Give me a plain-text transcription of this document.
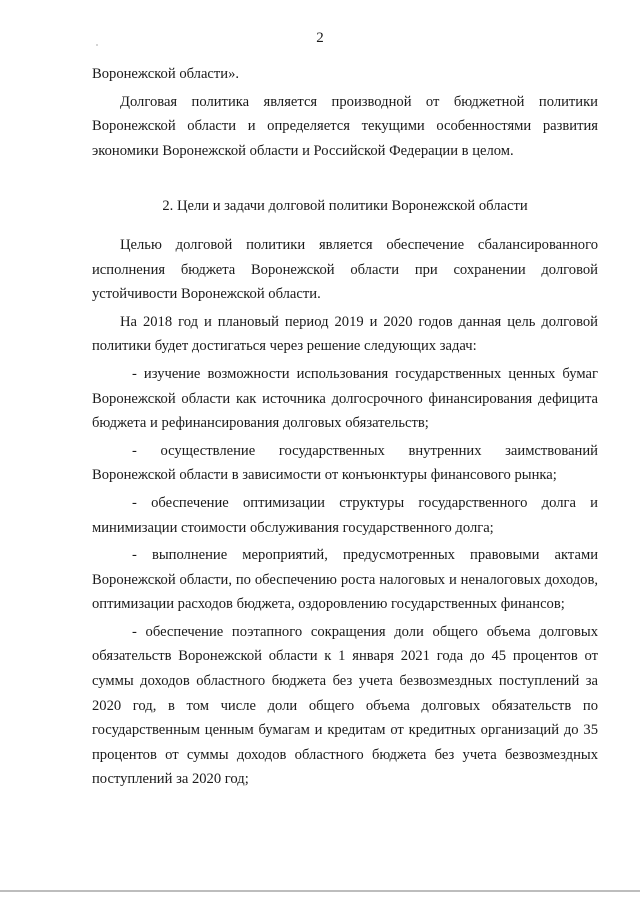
2

Воронежской области».

Долговая политика является производной от бюджетной политики Воронежской области и определяется текущими особенностями развития экономики Воронежской области и Российской Федерации в целом.

2. Цели и задачи долговой политики Воронежской области

Целью долговой политики является обеспечение сбалансированного исполнения бюджета Воронежской области при сохранении долговой устойчивости Воронежской области.

На 2018 год и плановый период 2019 и 2020 годов данная цель долговой политики будет достигаться через решение следующих задач:

- изучение возможности использования государственных ценных бумаг Воронежской области как источника долгосрочного финансирования дефицита бюджета и рефинансирования долговых обязательств;

- осуществление государственных внутренних заимствований Воронежской области в зависимости от конъюнктуры финансового рынка;

- обеспечение оптимизации структуры государственного долга и минимизации стоимости обслуживания государственного долга;

- выполнение мероприятий, предусмотренных правовыми актами Воронежской области, по обеспечению роста налоговых и неналоговых доходов, оптимизации расходов бюджета, оздоровлению государственных финансов;

- обеспечение поэтапного сокращения доли общего объема долговых обязательств Воронежской области к 1 января 2021 года до 45 процентов от суммы доходов областного бюджета без учета безвозмездных поступлений за 2020 год, в том числе доли общего объема долговых обязательств по государственным ценным бумагам и кредитам от кредитных организаций до 35 процентов от суммы доходов областного бюджета без учета безвозмездных поступлений за 2020 год;
